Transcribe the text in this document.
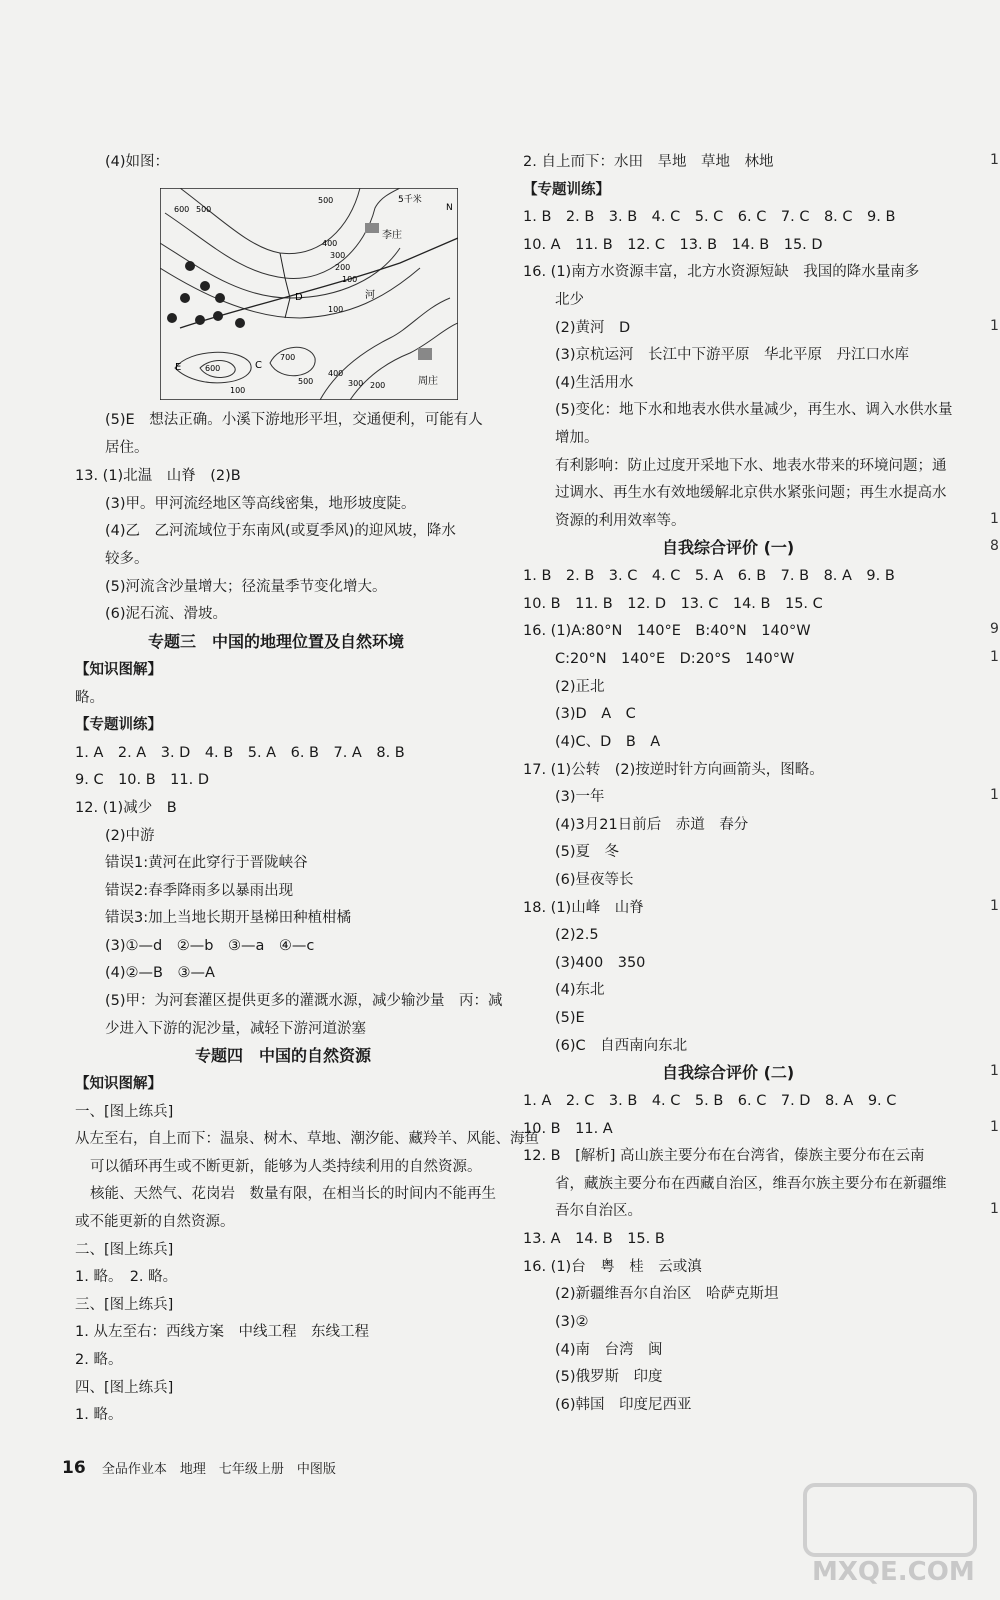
(4)如图：
(5)E　想法正确。小溪下游地形平坦，交通便利，可能有人
居住。
13. (1)北温　山脊　(2)B
(3)甲。甲河流经地区等高线密集，地形坡度陡。
(4)乙　乙河流域位于东南风(或夏季风)的迎风坡，降水
较多。
(5)河流含沙量增大；径流量季节变化增大。
(6)泥石流、滑坡。
专题三　中国的地理位置及自然环境
【知识图解】
略。
【专题训练】
1. A　2. A　3. D　4. B　5. A　6. B　7. A　8. B
9. C　10. B　11. D
12. (1)减少　B
(2)中游
错误1:黄河在此穿行于晋陇峡谷
错误2:春季降雨多以暴雨出现
错误3:加上当地长期开垦梯田种植柑橘
(3)①—d　②—b　③—a　④—c
(4)②—B　③—A
(5)甲：为河套灌区提供更多的灌溉水源，减少输沙量　丙：减
少进入下游的泥沙量，减轻下游河道淤塞
专题四　中国的自然资源
【知识图解】
一、[图上练兵]
从左至右，自上而下：温泉、树木、草地、潮汐能、藏羚羊、风能、海鱼
可以循环再生或不断更新，能够为人类持续利用的自然资源。
核能、天然气、花岗岩　数量有限，在相当长的时间内不能再生
或不能更新的自然资源。
二、[图上练兵]
1. 略。　2. 略。
三、[图上练兵]
1. 从左至右：西线方案　中线工程　东线工程
2. 略。
四、[图上练兵]
1. 略。
2. 自上而下：水田　旱地　草地　林地
【专题训练】
1. B　2. B　3. B　4. C　5. C　6. C　7. C　8. C　9. B
10. A　11. B　12. C　13. B　14. B　15. D
16. (1)南方水资源丰富，北方水资源短缺　我国的降水量南多
北少
(2)黄河　D
(3)京杭运河　长江中下游平原　华北平原　丹江口水库
(4)生活用水
(5)变化：地下水和地表水供水量减少，再生水、调入水供水量
增加。
有利影响：防止过度开采地下水、地表水带来的环境问题；通
过调水、再生水有效地缓解北京供水紧张问题；再生水提高水
资源的利用效率等。
自我综合评价 (一)
1. B　2. B　3. C　4. C　5. A　6. B　7. B　8. A　9. B
10. B　11. B　12. D　13. C　14. B　15. C
16. (1)A:80°N　140°E　B:40°N　140°W
C:20°N　140°E　D:20°S　140°W
(2)正北
(3)D　A　C
(4)C、D　B　A
17. (1)公转　(2)按逆时针方向画箭头，图略。
(3)一年
(4)3月21日前后　赤道　春分
(5)夏　冬
(6)昼夜等长
18. (1)山峰　山脊
(2)2.5
(3)400　350
(4)东北
(5)E
(6)C　自西南向东北
自我综合评价 (二)
1. A　2. C　3. B　4. C　5. B　6. C　7. D　8. A　9. C
10. B　11. A
12. B　[解析] 高山族主要分布在台湾省，傣族主要分布在云南
省，藏族主要分布在西藏自治区，维吾尔族主要分布在新疆维
吾尔自治区。
13. A　14. B　15. B
16. (1)台　粤　桂　云或滇
(2)新疆维吾尔自治区　哈萨克斯坦
(3)②
(4)南　台湾　闽
(5)俄罗斯　印度
(6)韩国　印度尼西亚
1
1
1
8
9
1
1
1
1
1
1
5千米
N
李庄
周庄
河
D
C
E
600 500
500
400
300
200
100
100
500
400
300 200
100
700
600
16 全品作业本　地理　七年级上册　中图版
MXQE.COM
